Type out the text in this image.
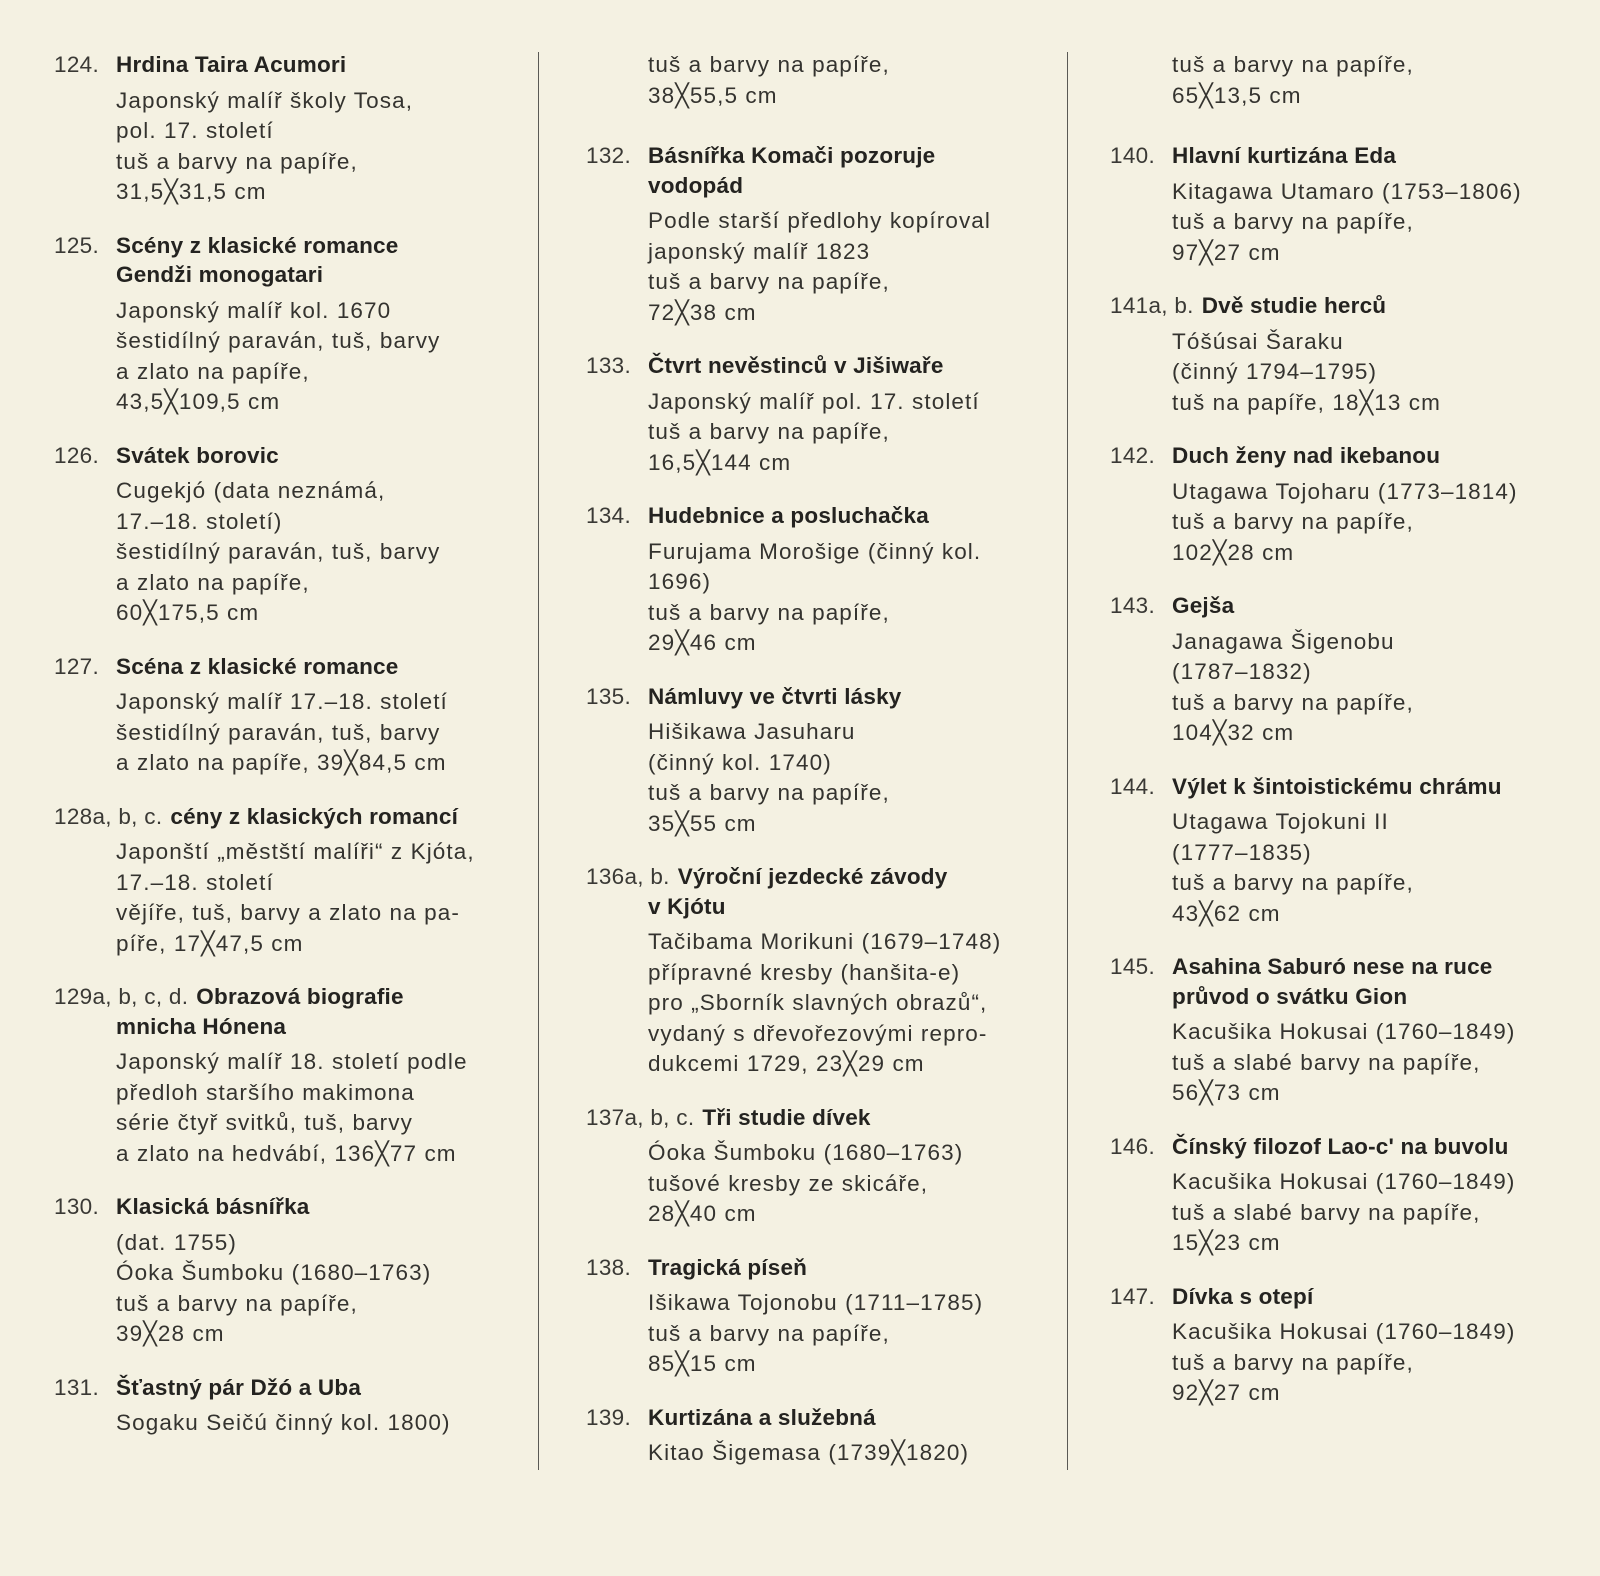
124. Hrdina Taira Acumori
Japonský malíř školy Tosa,
pol. 17. století
tuš a barvy na papíře,
31,5╳31,5 cm
125. Scény z klasické romance
Gendži monogatari
Japonský malíř kol. 1670
šestidílný paraván, tuš, barvy
a zlato na papíře,
43,5╳109,5 cm
126. Svátek borovic
Cugekjó (data neznámá,
17.–18. století)
šestidílný paraván, tuš, barvy
a zlato na papíře,
60╳175,5 cm
127. Scéna z klasické romance
Japonský malíř 17.–18. století
šestidílný paraván, tuš, barvy
a zlato na papíře, 39╳84,5 cm
128a, b, c. cény z klasických romancí
Japonští „městští malíři“ z Kjóta,
17.–18. století
vějíře, tuš, barvy a zlato na pa-
píře, 17╳47,5 cm
129a, b, c, d. Obrazová biografie
mnicha Hónena
Japonský malíř 18. století podle
předloh staršího makimona
série čtyř svitků, tuš, barvy
a zlato na hedvábí, 136╳77 cm
130. Klasická básnířka
(dat. 1755)
Óoka Šumboku (1680–1763)
tuš a barvy na papíře,
39╳28 cm
131. Šťastný pár Džó a Uba
Sogaku Seičú činný kol. 1800)
tuš a barvy na papíře,
38╳55,5 cm
132. Básnířka Komači pozoruje
vodopád
Podle starší předlohy kopíroval
japonský malíř 1823
tuš a barvy na papíře,
72╳38 cm
133. Čtvrt nevěstinců v Jišiwaře
Japonský malíř pol. 17. století
tuš a barvy na papíře,
16,5╳144 cm
134. Hudebnice a posluchačka
Furujama Morošige (činný kol.
1696)
tuš a barvy na papíře,
29╳46 cm
135. Námluvy ve čtvrti lásky
Hišikawa Jasuharu
(činný kol. 1740)
tuš a barvy na papíře,
35╳55 cm
136a, b. Výroční jezdecké závody
v Kjótu
Tačibama Morikuni (1679–1748)
přípravné kresby (hanšita-e)
pro „Sborník slavných obrazů“,
vydaný s dřevořezovými repro-
dukcemi 1729, 23╳29 cm
137a, b, c. Tři studie dívek
Óoka Šumboku (1680–1763)
tušové kresby ze skicáře,
28╳40 cm
138. Tragická píseň
Išikawa Tojonobu (1711–1785)
tuš a barvy na papíře,
85╳15 cm
139. Kurtizána a služebná
Kitao Šigemasa (1739╳1820)
tuš a barvy na papíře,
65╳13,5 cm
140. Hlavní kurtizána Eda
Kitagawa Utamaro (1753–1806)
tuš a barvy na papíře,
97╳27 cm
141a, b. Dvě studie herců
Tóšúsai Šaraku
(činný 1794–1795)
tuš na papíře, 18╳13 cm
142. Duch ženy nad ikebanou
Utagawa Tojoharu (1773–1814)
tuš a barvy na papíře,
102╳28 cm
143. Gejša
Janagawa Šigenobu
(1787–1832)
tuš a barvy na papíře,
104╳32 cm
144. Výlet k šintoistickému chrámu
Utagawa Tojokuni II
(1777–1835)
tuš a barvy na papíře,
43╳62 cm
145. Asahina Saburó nese na ruce
průvod o svátku Gion
Kacušika Hokusai (1760–1849)
tuš a slabé barvy na papíře,
56╳73 cm
146. Čínský filozof Lao-c' na buvolu
Kacušika Hokusai (1760–1849)
tuš a slabé barvy na papíře,
15╳23 cm
147. Dívka s otepí
Kacušika Hokusai (1760–1849)
tuš a barvy na papíře,
92╳27 cm
